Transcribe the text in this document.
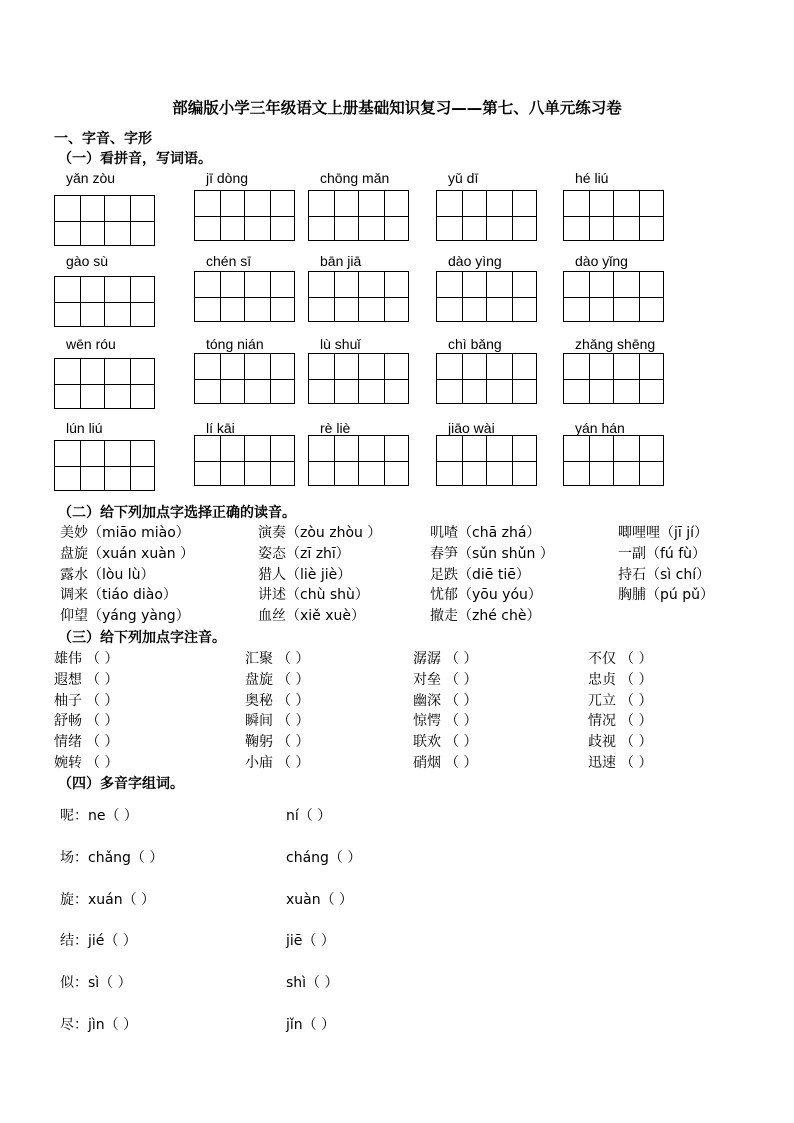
部编版小学三年级语文上册基础知识复习——第七、八单元练习卷
一、字音、字形
（一）看拼音，写词语。
yǎn zòu	jī dòng	chōng mǎn	yǔ dī	hé liú
gào sù	chén sī	bān jiā	dào yìng	dào yǐng
wēn róu	tóng nián	lù shuǐ	chì bǎng	zhǎng shēng
lún liú	lí kāi	rè liè	jiāo wài	yán hán
（二）给下列加点字选择正确的读音。
美妙（miāo miào）	演奏（zòu zhòu ）	叽喳（chā zhá）	唧哩哩（jī jí）
盘旋（xuán xuàn ）	姿态（zī zhī）	春笋（sǔn shǔn ）	一副（fú fù）
露水（lòu lù）	猎人（liè jiè）	足跌（diē tiē）	持石（sì chí）
调来（tiáo diào）	讲述（chù shù）	忧郁（yōu yóu）	胸脯（pú pǔ）
仰望（yáng yàng）	血丝（xiě xuè）	撤走（zhé chè）
（三）给下列加点字注音。
雄伟 （ ）	汇聚 （ ）	潺潺 （ ）	不仅 （ ）
遐想 （ ）	盘旋 （ ）	对垒 （ ）	忠贞 （ ）
柚子 （ ）	奥秘 （ ）	幽深 （ ）	兀立 （ ）
舒畅 （ ）	瞬间 （ ）	惊愕 （ ）	情况 （ ）
情绪 （ ）	鞠躬 （ ）	联欢 （ ）	歧视 （ ）
婉转 （ ）	小庙 （ ）	硝烟 （ ）	迅速 （ ）
（四）多音字组词。
呢：ne（ ）	ní（ ）
场：chǎng（ ）	cháng（ ）
旋：xuán（ ）	xuàn（ ）
结：jié（ ）	jiē（ ）
似：sì（ ）	shì（ ）
尽：jìn（ ）	jǐn（ ）
